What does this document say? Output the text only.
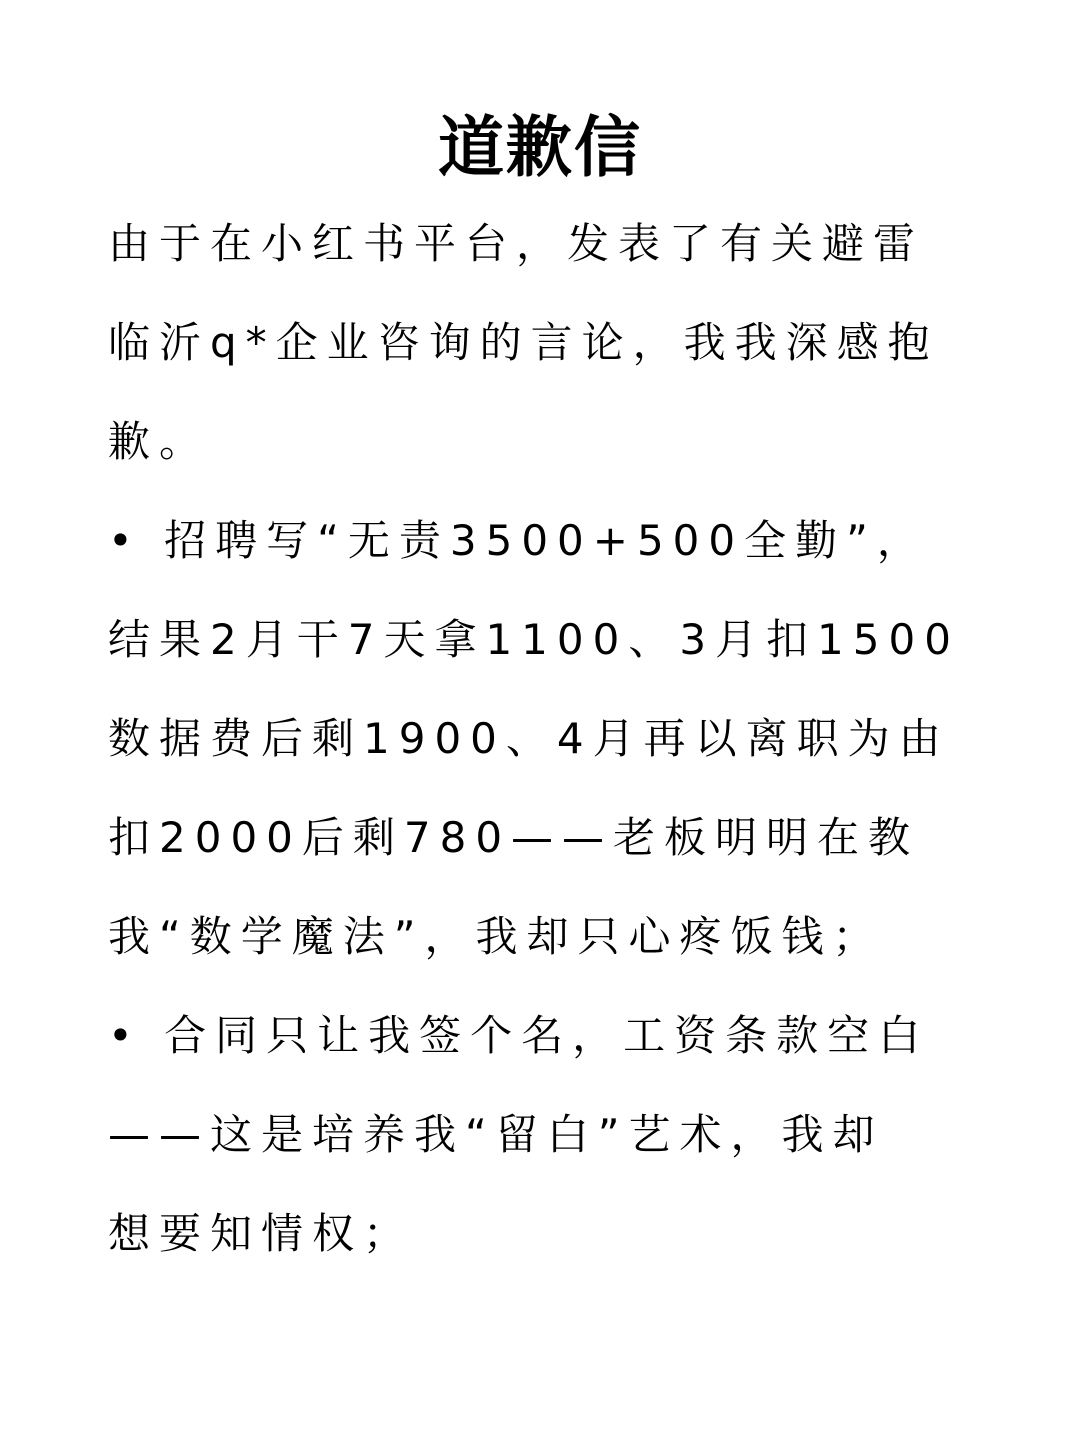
道歉信
由于在小红书平台，发表了有关避雷
临沂q*企业咨询的言论，我我深感抱
歉。
• 招聘写“无责3500+500全勤”，
结果2月干7天拿1100、3月扣1500
数据费后剩1900、4月再以离职为由
扣2000后剩780——老板明明在教
我“数学魔法”，我却只心疼饭钱；
• 合同只让我签个名，工资条款空白
——这是培养我“留白”艺术，我却
想要知情权；
